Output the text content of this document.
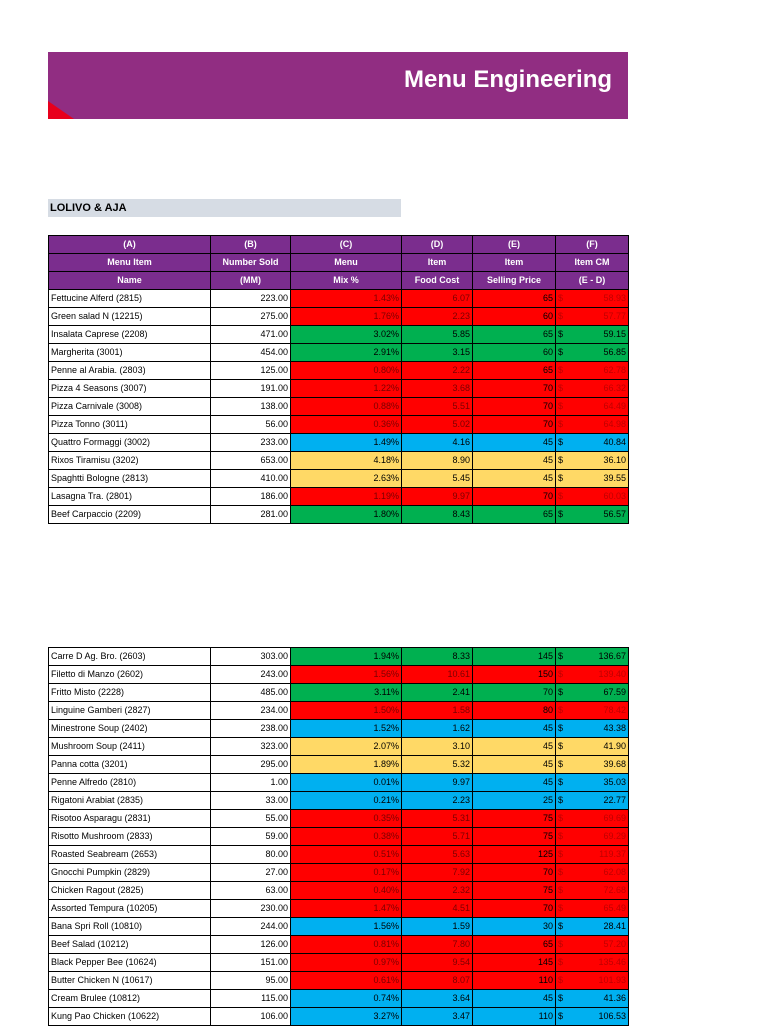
Menu Engineering
LOLIVO & AJA
(A)	(B)	(C)	(D)	(E)	(F)
Menu Item	Number Sold	Menu	Item	Item	Item CM
Name	(MM)	Mix %	Food Cost	Selling Price	(E - D)
Fettucine Alferd (2815)	223.00	1.43%	6.07	65	$ 58.93

Green salad N (12215)	275.00	1.76%	2.23	60	$ 57.77

Insalata Caprese (2208)	471.00	3.02%	5.85	65	$ 59.15

Margherita (3001)	454.00	2.91%	3.15	60	$ 56.85

Penne al Arabia. (2803)	125.00	0.80%	2.22	65	$ 62.78

Pizza 4 Seasons (3007)	191.00	1.22%	3.68	70	$ 66.32

Pizza Carnivale (3008)	138.00	0.88%	5.51	70	$ 64.49

Pizza Tonno (3011)	56.00	0.36%	5.02	70	$ 64.98

Quattro Formaggi (3002)	233.00	1.49%	4.16	45	$ 40.84

Rixos Tiramisu (3202)	653.00	4.18%	8.90	45	$ 36.10

Spaghtti Bologne (2813)	410.00	2.63%	5.45	45	$ 39.55

Lasagna Tra. (2801)	186.00	1.19%	9.97	70	$ 60.03

Beef Carpaccio (2209)	281.00	1.80%	8.43	65	$ 56.57
Carre D Ag. Bro. (2603)	303.00	1.94%	8.33	145	$ 136.67

Filetto di Manzo (2602)	243.00	1.56%	10.61	150	$ 139.40

Fritto Misto (2228)	485.00	3.11%	2.41	70	$ 67.59

Linguine Gamberi (2827)	234.00	1.50%	1.58	80	$ 78.42

Minestrone Soup (2402)	238.00	1.52%	1.62	45	$ 43.38

Mushroom Soup (2411)	323.00	2.07%	3.10	45	$ 41.90

Panna cotta (3201)	295.00	1.89%	5.32	45	$ 39.68

Penne Alfredo (2810)	1.00	0.01%	9.97	45	$ 35.03

Rigatoni Arabiat (2835)	33.00	0.21%	2.23	25	$ 22.77

Risotoo Asparagu (2831)	55.00	0.35%	5.31	75	$ 69.69

Risotto Mushroom (2833)	59.00	0.38%	5.71	75	$ 69.29

Roasted Seabream (2653)	80.00	0.51%	5.63	125	$ 119.37

Gnocchi Pumpkin (2829)	27.00	0.17%	7.92	70	$ 62.08

Chicken Ragout (2825)	63.00	0.40%	2.32	75	$ 72.68

Assorted Tempura (10205)	230.00	1.47%	4.51	70	$ 65.49

Bana Spri Roll (10810)	244.00	1.56%	1.59	30	$ 28.41

Beef Salad (10212)	126.00	0.81%	7.80	65	$ 57.20

Black Pepper Bee (10624)	151.00	0.97%	9.54	145	$ 135.46

Butter Chicken N (10617)	95.00	0.61%	8.07	110	$ 101.93

Cream Brulee (10812)	115.00	0.74%	3.64	45	$ 41.36

Kung Pao Chicken (10622)	106.00	3.27%	3.47	110	$ 106.53
